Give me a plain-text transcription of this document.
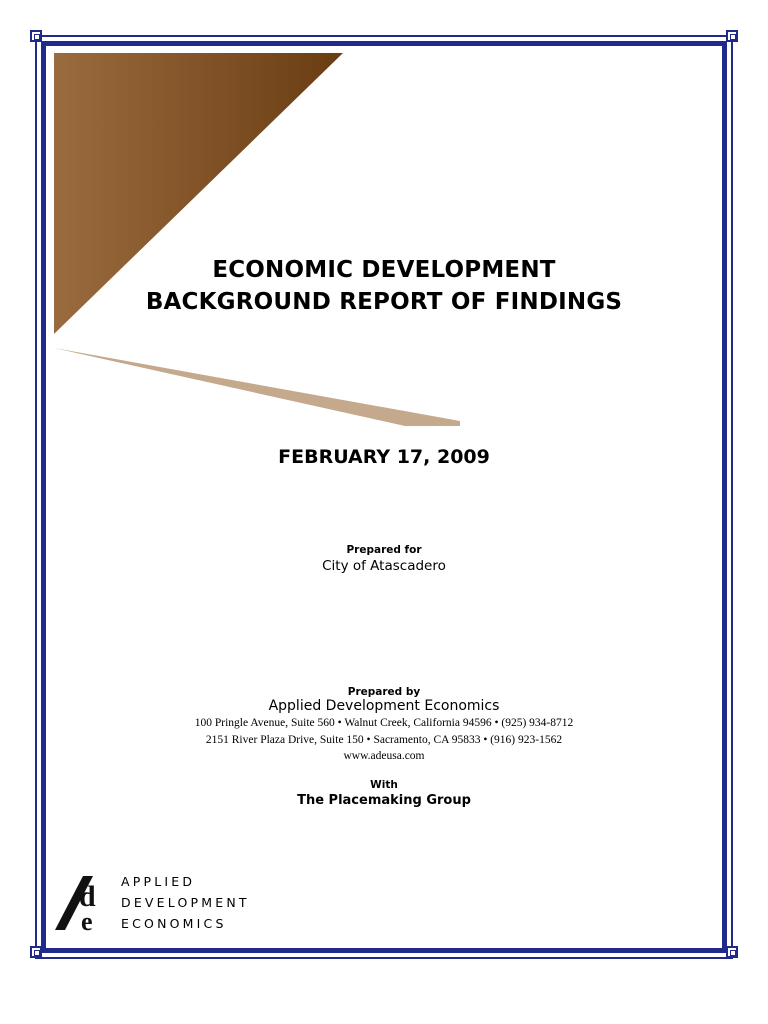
ECONOMIC DEVELOPMENT
BACKGROUND REPORT OF FINDINGS
FEBRUARY 17, 2009
Prepared for
City of Atascadero
Prepared by
Applied Development Economics
100 Pringle Avenue, Suite 560 • Walnut Creek, California 94596 • (925) 934-8712
2151 River Plaza Drive, Suite 150 • Sacramento, CA 95833 • (916) 923-1562
www.adeusa.com
With
The Placemaking Group
d
e
APPLIED
DEVELOPMENT
ECONOMICS
